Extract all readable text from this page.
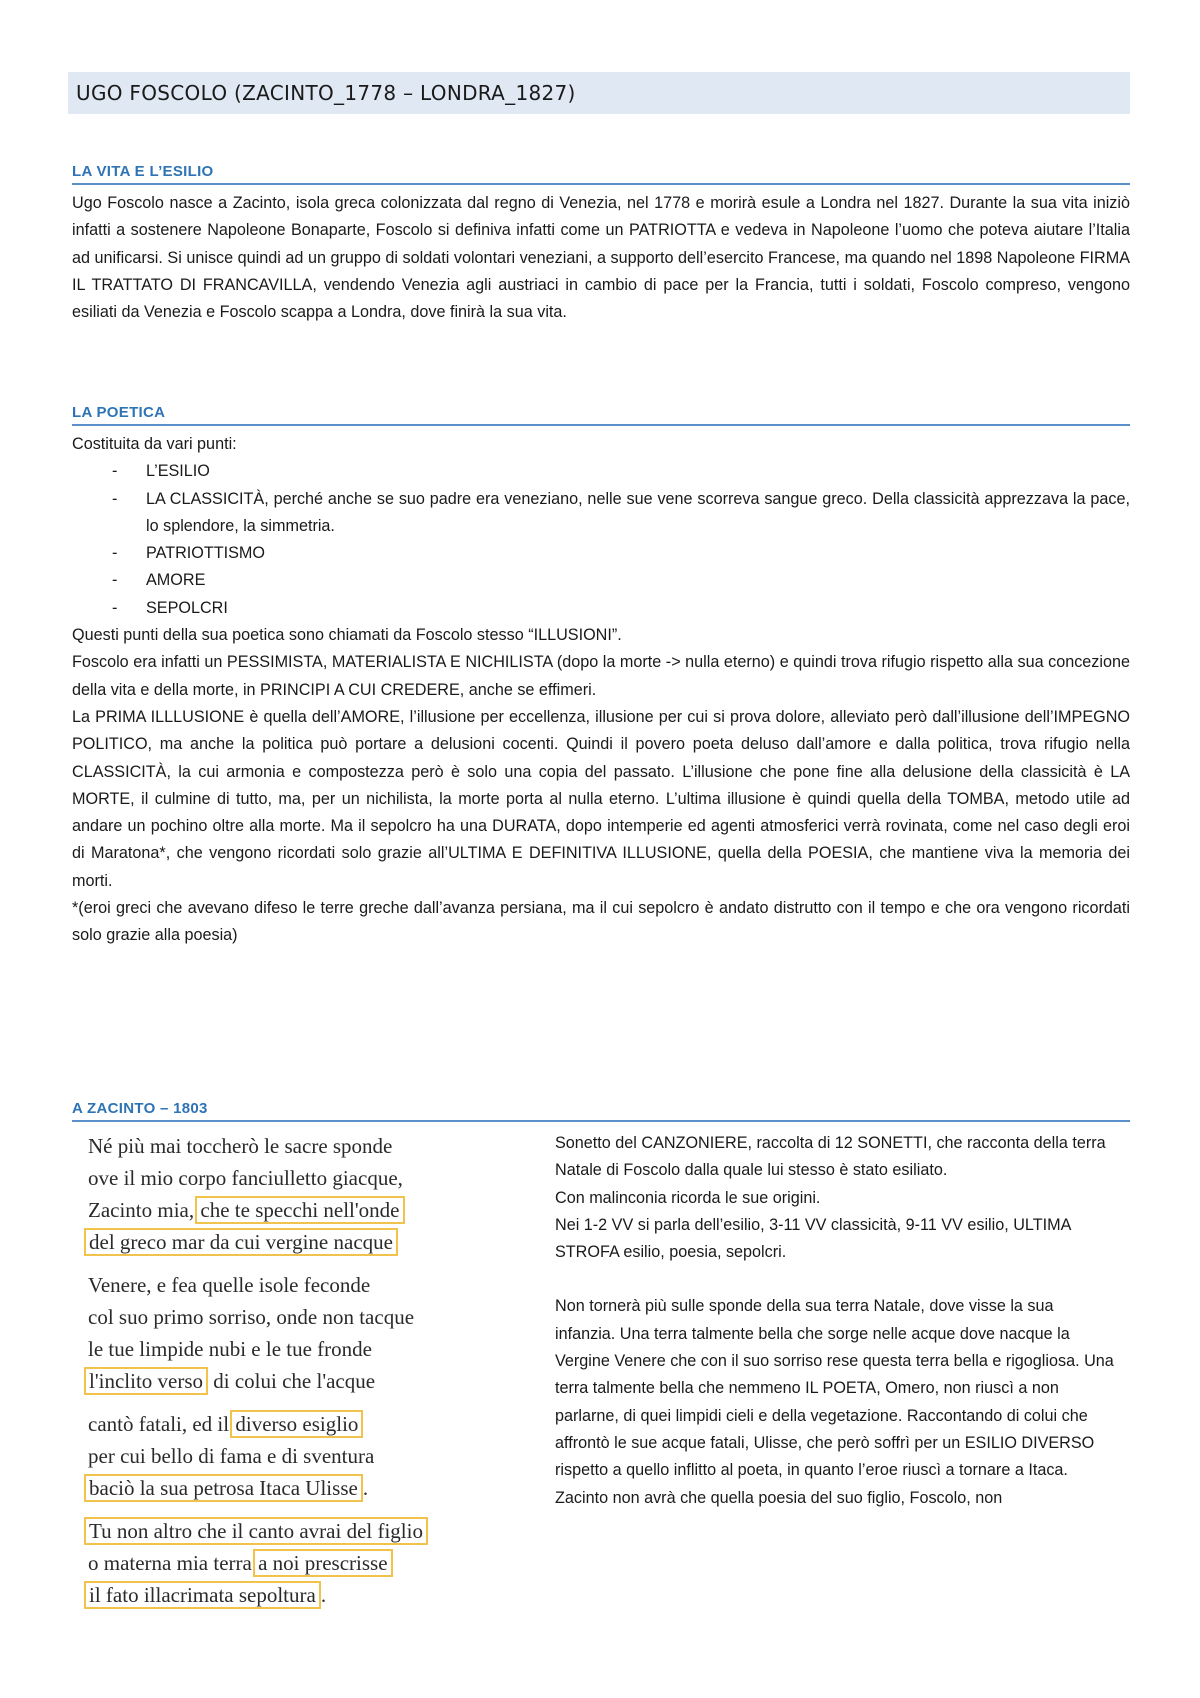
UGO FOSCOLO (ZACINTO_1778 – LONDRA_1827)
LA VITA E L’ESILIO

Ugo Foscolo nasce a Zacinto, isola greca colonizzata dal regno di Venezia, nel 1778 e morirà esule a Londra nel 1827. Durante la sua vita iniziò infatti a sostenere Napoleone Bonaparte, Foscolo si definiva infatti come un PATRIOTTA e vedeva in Napoleone l’uomo che poteva aiutare l’Italia ad unificarsi. Si unisce quindi ad un gruppo di soldati volontari veneziani, a supporto dell’esercito Francese, ma quando nel 1898 Napoleone FIRMA IL TRATTATO DI FRANCAVILLA, vendendo Venezia agli austriaci in cambio di pace per la Francia, tutti i soldati, Foscolo compreso, vengono esiliati da Venezia e Foscolo scappa a Londra, dove finirà la sua vita.

LA POETICA

Costituita da vari punti:

- L’ESILIO
- LA CLASSICITÀ, perché anche se suo padre era veneziano, nelle sue vene scorreva sangue greco. Della classicità apprezzava la pace, lo splendore, la simmetria.
- PATRIOTTISMO
- AMORE
- SEPOLCRI

Questi punti della sua poetica sono chiamati da Foscolo stesso “ILLUSIONI”.

Foscolo era infatti un PESSIMISTA, MATERIALISTA E NICHILISTA (dopo la morte -> nulla eterno) e quindi trova rifugio rispetto alla sua concezione della vita e della morte, in PRINCIPI A CUI CREDERE, anche se effimeri.

La PRIMA ILLLUSIONE è quella dell’AMORE, l’illusione per eccellenza, illusione per cui si prova dolore, alleviato però dall’illusione dell’IMPEGNO POLITICO, ma anche la politica può portare a delusioni cocenti. Quindi il povero poeta deluso dall’amore e dalla politica, trova rifugio nella CLASSICITÀ, la cui armonia e compostezza però è solo una copia del passato. L’illusione che pone fine alla delusione della classicità è LA MORTE, il culmine di tutto, ma, per un nichilista, la morte porta al nulla eterno. L’ultima illusione è quindi quella della TOMBA, metodo utile ad andare un pochino oltre alla morte. Ma il sepolcro ha una DURATA, dopo intemperie ed agenti atmosferici verrà rovinata, come nel caso degli eroi di Maratona*, che vengono ricordati solo grazie all’ULTIMA E DEFINITIVA ILLUSIONE, quella della POESIA, che mantiene viva la memoria dei morti.

*(eroi greci che avevano difeso le terre greche dall’avanza persiana, ma il cui sepolcro è andato distrutto con il tempo e che ora vengono ricordati solo grazie alla poesia)

A ZACINTO – 1803
Né più mai toccherò le sacre sponde
ove il mio corpo fanciulletto giacque,
Zacinto mia, che te specchi nell'onde
del greco mar da cui vergine nacque
Venere, e fea quelle isole feconde
col suo primo sorriso, onde non tacque
le tue limpide nubi e le tue fronde
l'inclito verso di colui che l'acque
cantò fatali, ed il diverso esiglio
per cui bello di fama e di sventura
baciò la sua petrosa Itaca Ulisse .
Tu non altro che il canto avrai del figlio
o materna mia terra a noi prescrisse
il fato illacrimata sepoltura .

Sonetto del CANZONIERE, raccolta di 12 SONETTI, che racconta della terra Natale di Foscolo dalla quale lui stesso è stato esiliato.

Con malinconia ricorda le sue origini.

Nei 1-2 VV si parla dell’esilio, 3-11 VV classicità, 9-11 VV esilio, ULTIMA STROFA esilio, poesia, sepolcri.

Non tornerà più sulle sponde della sua terra Natale, dove visse la sua infanzia. Una terra talmente bella che sorge nelle acque dove nacque la Vergine Venere che con il suo sorriso rese questa terra bella e rigogliosa. Una terra talmente bella che nemmeno IL POETA, Omero, non riuscì a non parlarne, di quei limpidi cieli e della vegetazione. Raccontando di colui che affrontò le sue acque fatali, Ulisse, che però soffrì per un ESILIO DIVERSO rispetto a quello inflitto al poeta, in quanto l’eroe riuscì a tornare a Itaca.

Zacinto non avrà che quella poesia del suo figlio, Foscolo, non
